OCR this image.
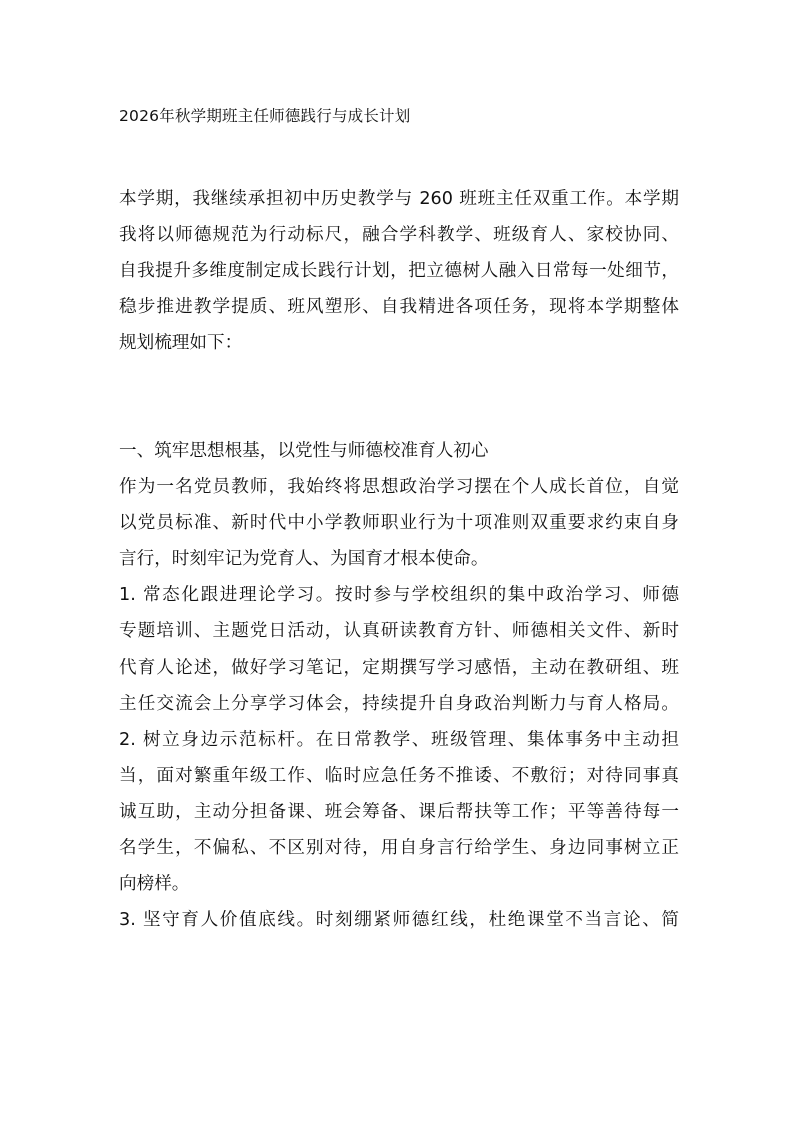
2026年秋学期班主任师德践行与成长计划
本学期，我继续承担初中历史教学与 260 班班主任双重工作。本学期
我将以师德规范为行动标尺，融合学科教学、班级育人、家校协同、
自我提升多维度制定成长践行计划，把立德树人融入日常每一处细节，
稳步推进教学提质、班风塑形、自我精进各项任务，现将本学期整体
规划梳理如下：
一、筑牢思想根基，以党性与师德校准育人初心
作为一名党员教师，我始终将思想政治学习摆在个人成长首位，自觉
以党员标准、新时代中小学教师职业行为十项准则双重要求约束自身
言行，时刻牢记为党育人、为国育才根本使命。
1. 常态化跟进理论学习。按时参与学校组织的集中政治学习、师德
专题培训、主题党日活动，认真研读教育方针、师德相关文件、新时
代育人论述，做好学习笔记，定期撰写学习感悟，主动在教研组、班
主任交流会上分享学习体会，持续提升自身政治判断力与育人格局。
2. 树立身边示范标杆。在日常教学、班级管理、集体事务中主动担
当，面对繁重年级工作、临时应急任务不推诿、不敷衍；对待同事真
诚互助，主动分担备课、班会筹备、课后帮扶等工作；平等善待每一
名学生，不偏私、不区别对待，用自身言行给学生、身边同事树立正
向榜样。
3. 坚守育人价值底线。时刻绷紧师德红线，杜绝课堂不当言论、简
